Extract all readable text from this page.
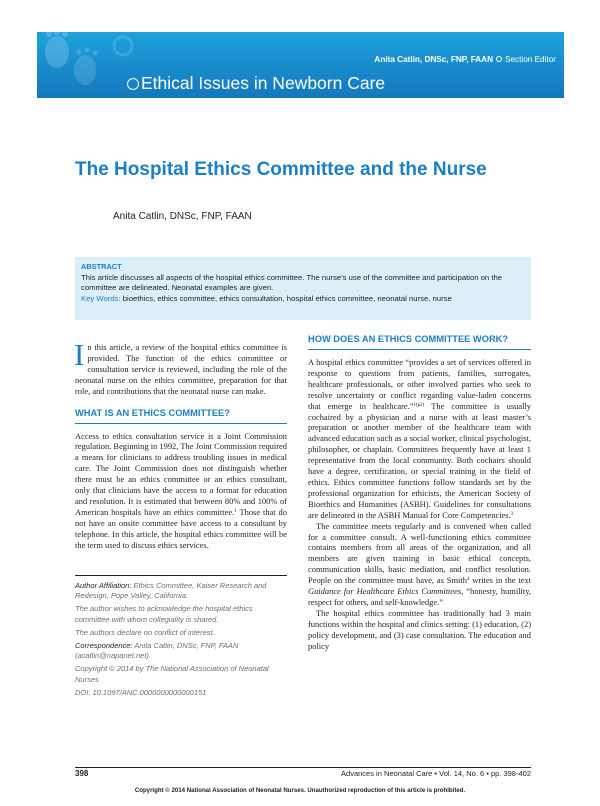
Anita Catlin, DNSc, FNP, FAAN Section Editor
Ethical Issues in Newborn Care
The Hospital Ethics Committee and the Nurse
Anita Catlin, DNSc, FNP, FAAN
ABSTRACT
This article discusses all aspects of the hospital ethics committee. The nurse’s use of the committee and participation on the committee are delineated. Neonatal examples are given.
Key Words: bioethics, ethics committee, ethics consultation, hospital ethics committee, neonatal nurse, nurse

In this article, a review of the hospital ethics committee is provided. The function of the ethics committee or consultation service is reviewed, including the role of the neonatal nurse on the ethics committee, preparation for that role, and contributions that the neonatal nurse can make.

WHAT IS AN ETHICS COMMITTEE?

Access to ethics consultation service is a Joint Commission regulation. Beginning in 1992, The Joint Commission required a means for clinicians to address troubling issues in medical care. The Joint Commission does not distinguish whether there must be an ethics committee or an ethics consultant, only that clinicians have the access to a format for education and resolution. It is estimated that between 80% and 100% of American hospitals have an ethics committee.$^1$ Those that do not have an onsite committee have access to a consultant by telephone. In this article, the hospital ethics committee will be the term used to discuss ethics services.

Author Affiliation: Ethics Committee, Kaiser Research and Redesign, Pope Valley, California.

The author wishes to acknowledge the hospital ethics committee with whom collegiality is shared.

The authors declare no conflict of interest.

Correspondence: Anita Catlin, DNSc, FNP, FAAN (acatlin@napanet.net).

Copyright © 2014 by The National Association of Neonatal Nurses

DOI: 10.1097/ANC.0000000000000151

HOW DOES AN ETHICS COMMITTEE WORK?

A hospital ethics committee “provides a set of services offered in response to questions from patients, families, surrogates, healthcare professionals, or other involved parties who seek to resolve uncertainty or conflict regarding value-laden concerns that emerge in healthcare.”$^{1(p2)}$ The committee is usually cochaired by a physician and a nurse with at least master’s preparation or another member of the healthcare team with advanced education such as a social worker, clinical psychologist, philosopher, or chaplain. Committees frequently have at least 1 representative from the local community. Both cochairs should have a degree, certification, or special training in the field of ethics. Ethics committee functions follow standards set by the professional organization for ethicists, the American Society of Bioethics and Humanities (ASBH). Guidelines for consultations are delineated in the ASBH Manual for Core Competencies.$^3$

The committee meets regularly and is convened when called for a committee consult. A well-functioning ethics committee contains members from all areas of the organization, and all members are given training in basic ethical concepts, communication skills, basic mediation, and conflict resolution. People on the committee must have, as Smith$^4$ writes in the text Guidance for Healthcare Ethics Committees, “honesty, humility, respect for others, and self-knowledge.”

The hospital ethics committee has traditionally had 3 main functions within the hospital and clinics setting: (1) education, (2) policy development, and (3) case consultation. The education and policy

398	Advances in Neonatal Care • Vol. 14, No. 6 • pp. 398-402
Copyright © 2014 National Association of Neonatal Nurses. Unauthorized reproduction of this article is prohibited.
